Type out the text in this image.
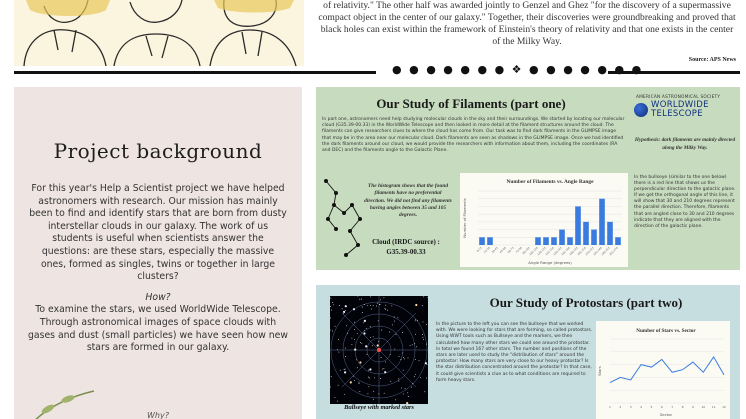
of relativity." The other half was awarded jointly to Genzel and Ghez "for the discovery of a supermassive compact object in the center of our galaxy." Together, their discoveries were groundbreaking and proved that black holes can exist within the framework of Einstein's theory of relativity and that one exists in the center of the Milky Way.
● ● ● ● ● ● ● ❖ ● ● ● ● ● ● ●
Source: APS News
Project background
For this year's Help a Scientist project we have helped astronomers with research. Our mission has mainly been to find and identify stars that are born from dusty interstellar clouds in our galaxy. The work of us students is useful when scientists answer the questions: are these stars, especially the massive ones, formed as singles, twins or together in large clusters?
How?
To examine the stars, we used WorldWide Telescope. Through astronomical images of space clouds with gases and dust (small particles) we have seen how new stars are formed in our galaxy.
Why?
Our Study of Filaments (part one)
In part one, astronomers need help studying molecular clouds in the sky and their surroundings. We started by locating our molecular cloud (G35.39-00.33) in the WorldWide Telescope and then looked in more detail at the filament structures around the cloud. The filaments can give researchers clues to where the cloud has come from. Our task was to find dark filaments in the GLIMPSE image that may be in the area near our molecular cloud. Dark filaments are seen as shadows in the GLIMPSE image. Once we had identified the dark filaments around our cloud, we would provide the researchers with information about them, including the coordinates (RA and DEC) and the filaments angle to the Galactic Plane.
AMERICAN ASTRONOMICAL SOCIETY
WORLDWIDE
TELESCOPE
Hypothesis: dark filaments are mainly directed along the Milky Way.
The histogram shows that the found filaments have no preferential direction. We did not find any filaments having angles between 35 and 105 degrees.
Cloud (IRDC source) :
G35.39-00.33
Number of Filaments vs. Angle Range
Angle Range (degrees)
Number of Filaments
0-15 15-30 30-45 45-60 60-75 75-90 90-105
105-120
120-135
135-150
150-165
165-180
180-195
195-210
210-225
225-240
240-255
255-270
In the bullseye (similar to the one below) there is a red line that shows us the perpendicular direction to the galactic plane. If we get the orthogonal angle of this line, it will show that 30 and 210 degrees represent the parallel direction. Therefore, filaments that are angled close to 30 and 210 degrees indicate that they are aligned with the direction of the galactic plane.
Bullseye with marked stars
Our Study of Protostars (part two)
In the picture to the left you can see the bullseye that we worked with. We were looking for stars that are forming, so called protostars. Using WWT tools such as Bullseye and the markers, we then calculated how many other stars we could see around the protostar. In total we found 167 other stars. The number and positions of the stars are later used to study the "distribution of stars" around the protostar: How many stars are very close to our heavy protostar? Is the star distribution concentrated around the protostar? In that case, it could give scientists a clue as to what conditions are required to form heavy stars.
Number of Stars vs. Sector
Sector
Stars
1	2	3	4	5	6	7	8	9 10 11 12
